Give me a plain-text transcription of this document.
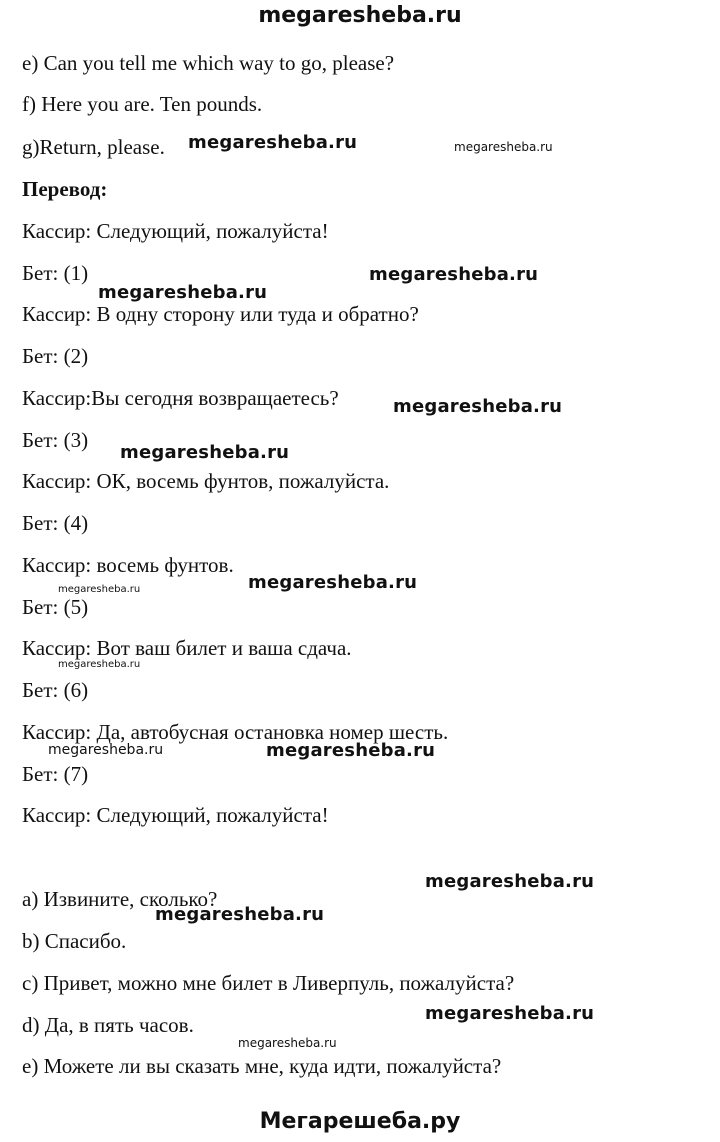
megaresheba.ru
e) Can you tell me which way to go, please?
f) Here you are. Ten pounds.
g)Return, please.
Перевод:
Кассир: Следующий, пожалуйста!
Бет: (1)
Кассир: В одну сторону или туда и обратно?
Бет: (2)
Кассир:Вы сегодня возвращаетесь?
Бет: (3)
Кассир: ОК, восемь фунтов, пожалуйста.
Бет: (4)
Кассир: восемь фунтов.
Бет: (5)
Кассир: Вот ваш билет и ваша сдача.
Бет: (6)
Кассир: Да, автобусная остановка номер шесть.
Бет: (7)
Кассир: Следующий, пожалуйста!
a) Извините, сколько?
b) Спасибо.
c) Привет, можно мне билет в Ливерпуль, пожалуйста?
d) Да, в пять часов.
e) Можете ли вы сказать мне, куда идти, пожалуйста?
megaresheba.ru	megaresheba.ru
megaresheba.ru
megaresheba.ru
megaresheba.ru
megaresheba.ru
megaresheba.ru
megaresheba.ru
megaresheba.ru
megaresheba.ru
megaresheba.ru
megaresheba.ru
megaresheba.ru
megaresheba.ru
megaresheba.ru
Мегарешеба.ру
